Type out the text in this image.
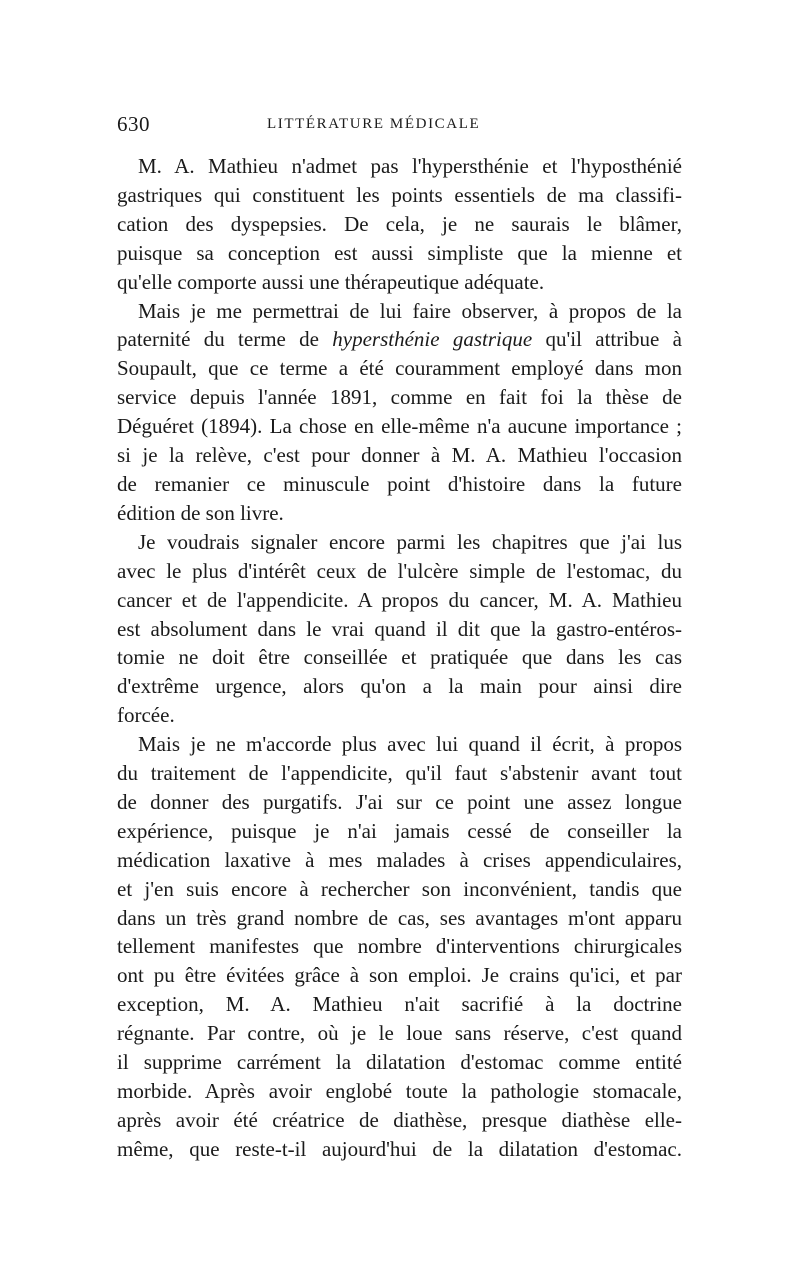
630	LITTÉRATURE MÉDICALE

M. A. Mathieu n'admet pas l'hypersthénie et l'hyposthénié
gastriques qui constituent les points essentiels de ma classifi-
cation des dyspepsies. De cela, je ne saurais le blâmer,
puisque sa conception est aussi simpliste que la mienne et
qu'elle comporte aussi une thérapeutique adéquate.

Mais je me permettrai de lui faire observer, à propos de la
paternité du terme de hypersthénie gastrique qu'il attribue à
Soupault, que ce terme a été couramment employé dans mon
service depuis l'année 1891, comme en fait foi la thèse de
Déguéret (1894). La chose en elle-même n'a aucune importance ;
si je la relève, c'est pour donner à M. A. Mathieu l'occasion
de remanier ce minuscule point d'histoire dans la future
édition de son livre.

Je voudrais signaler encore parmi les chapitres que j'ai lus
avec le plus d'intérêt ceux de l'ulcère simple de l'estomac, du
cancer et de l'appendicite. A propos du cancer, M. A. Mathieu
est absolument dans le vrai quand il dit que la gastro-entéros-
tomie ne doit être conseillée et pratiquée que dans les cas
d'extrême urgence, alors qu'on a la main pour ainsi dire
forcée.

Mais je ne m'accorde plus avec lui quand il écrit, à propos
du traitement de l'appendicite, qu'il faut s'abstenir avant tout
de donner des purgatifs. J'ai sur ce point une assez longue
expérience, puisque je n'ai jamais cessé de conseiller la
médication laxative à mes malades à crises appendiculaires,
et j'en suis encore à rechercher son inconvénient, tandis que
dans un très grand nombre de cas, ses avantages m'ont apparu
tellement manifestes que nombre d'interventions chirurgicales
ont pu être évitées grâce à son emploi. Je crains qu'ici, et par
exception, M. A. Mathieu n'ait sacrifié à la doctrine
régnante. Par contre, où je le loue sans réserve, c'est quand
il supprime carrément la dilatation d'estomac comme entité
morbide. Après avoir englobé toute la pathologie stomacale,
après avoir été créatrice de diathèse, presque diathèse elle-
même, que reste-t-il aujourd'hui de la dilatation d'estomac.
